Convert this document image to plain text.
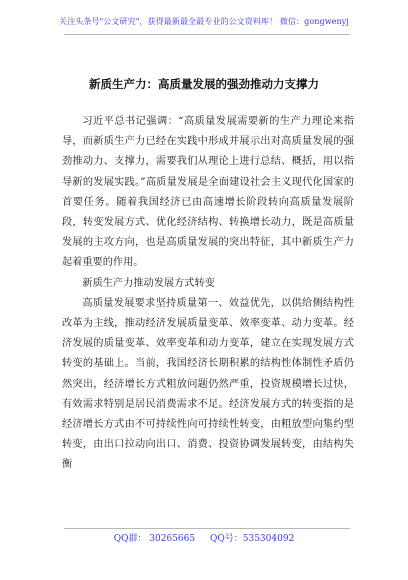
关注头条号"公文研究"，获得最新最全最专业的公文资料库！ 微信：gongwenyj
新质生产力：高质量发展的强劲推动力支撑力

习近平总书记强调：“高质量发展需要新的生产力理论来指导，而新质生产力已经在实践中形成并展示出对高质量发展的强劲推动力、支撑力，需要我们从理论上进行总结、概括，用以指导新的发展实践。”高质量发展是全面建设社会主义现代化国家的首要任务。随着我国经济已由高速增长阶段转向高质量发展阶段，转变发展方式、优化经济结构、转换增长动力，既是高质量发展的主攻方向，也是高质量发展的突出特征，其中新质生产力起着重要的作用。

新质生产力推动发展方式转变

高质量发展要求坚持质量第一、效益优先，以供给侧结构性改革为主线，推动经济发展质量变革、效率变革、动力变革。经济发展的质量变革、效率变革和动力变革，建立在实现发展方式转变的基础上。当前，我国经济长期积累的结构性体制性矛盾仍然突出，经济增长方式粗放问题仍然严重，投资规模增长过快，有效需求特别是居民消费需求不足。经济发展方式的转变指的是经济增长方式由不可持续性向可持续性转变，由粗放型向集约型转变，由出口拉动向出口、消费、投资协调发展转变，由结构失衡

QQ群： 30265665 QQ号：535304092
